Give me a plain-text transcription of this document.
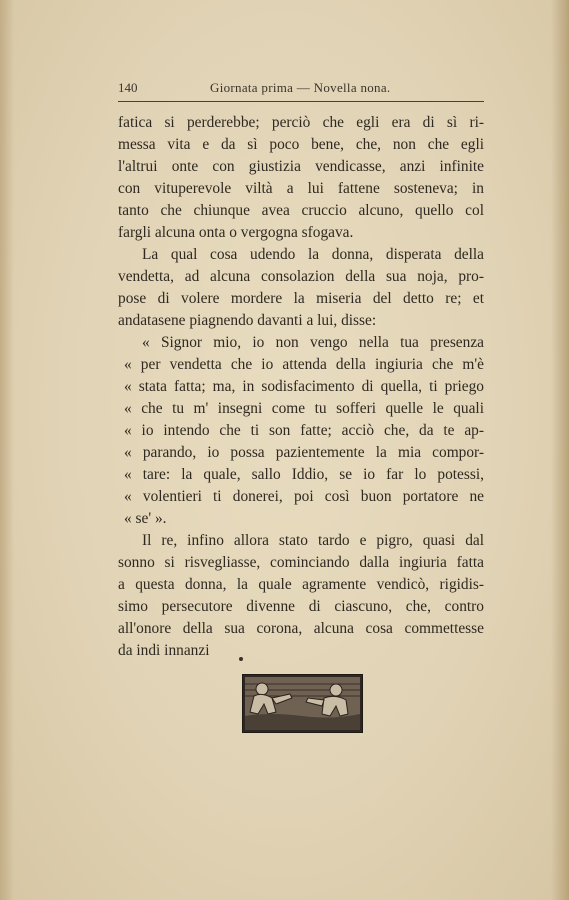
140	Giornata prima — Novella nona.
fatica si perderebbe; perciò che egli era di sì ri-
messa vita e da sì poco bene, che, non che egli
l'altrui onte con giustizia vendicasse, anzi infinite
con vituperevole viltà a lui fattene sosteneva; in
tanto che chiunque avea cruccio alcuno, quello col
fargli alcuna onta o vergogna sfogava.
La qual cosa udendo la donna, disperata della
vendetta, ad alcuna consolazion della sua noja, pro-
pose di volere mordere la miseria del detto re; et
andatasene piagnendo davanti a lui, disse:
« Signor mio, io non vengo nella tua presenza
« per vendetta che io attenda della ingiuria che m'è
« stata fatta; ma, in sodisfacimento di quella, ti priego
« che tu m' insegni come tu sofferi quelle le quali
« io intendo che ti son fatte; acciò che, da te ap-
« parando, io possa pazientemente la mia compor-
« tare: la quale, sallo Iddio, se io far lo potessi,
« volentieri ti donerei, poi così buon portatore ne
« se' ».
Il re, infino allora stato tardo e pigro, quasi dal
sonno si risvegliasse, cominciando dalla ingiuria fatta
a questa donna, la quale agramente vendicò, rigidis-
simo persecutore divenne di ciascuno, che, contro
all'onore della sua corona, alcuna cosa commettesse
da indi innanzi
